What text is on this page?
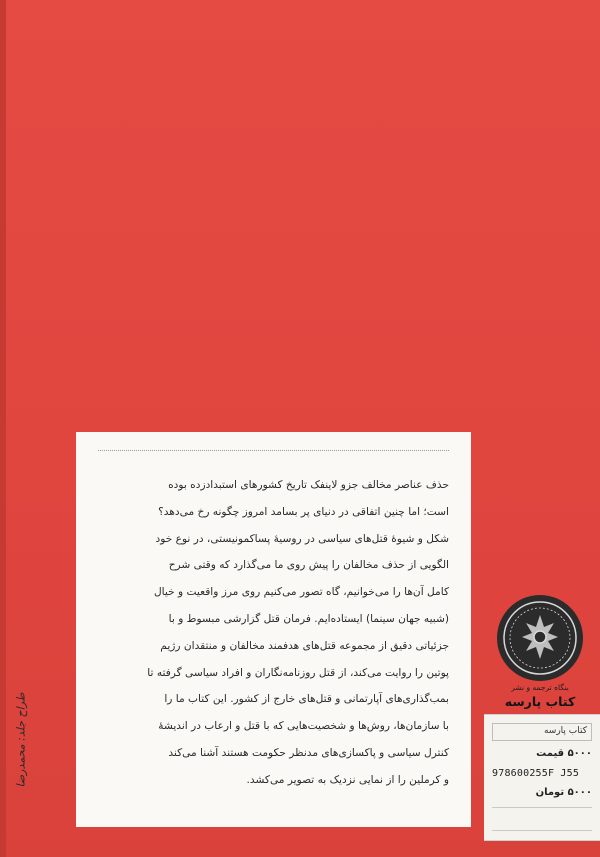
حذف عناصر مخالف جزو لاینفک تاریخ کشورهای استبدادزده بوده
است؛ اما چنین اتفاقی در دنیای پر بسامد امروز چگونه رخ می‌دهد؟
شکل و شیوهٔ قتل‌های سیاسی در روسیهٔ پساکمونیستی، در نوع خود
الگویی از حذف مخالفان را پیش روی ما می‌گذارد که وقتی شرح
کامل آن‌ها را می‌خوانیم، گاه تصور می‌کنیم روی مرز واقعیت و خیال
(شبیه جهان سینما) ایستاده‌ایم. فرمان قتل گزارشی مبسوط و با
جزئیاتی دقیق از مجموعه قتل‌های هدفمند مخالفان و منتقدان رژیم
پوتین را روایت می‌کند، از قتل روزنامه‌نگاران و افراد سیاسی گرفته تا
بمب‌گذاری‌های آپارتمانی و قتل‌های خارج از کشور. این کتاب ما را
با سازمان‌ها، روش‌ها و شخصیت‌هایی که با قتل و ارعاب در اندیشهٔ
کنترل سیاسی و پاکسازی‌های مدنظر حکومت هستند آشنا می‌کند
و کرملین را از نمایی نزدیک به تصویر می‌کشد.
بنگاه ترجمه و نشر
کتاب پارسه
کتاب پارسه
۵۰۰۰ قیمت
978600255F J55
۵۰۰۰ تومان
طراح جلد: محمدرضا
